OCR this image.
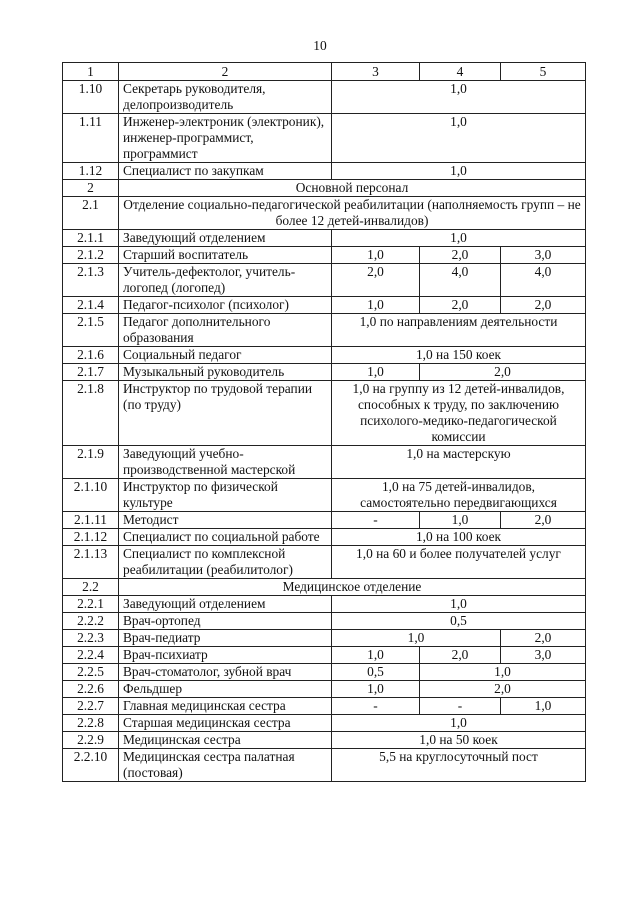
10
1	2	3	4	5
1.10	Секретарь руководителя, делопроизводитель	1,0		
1.11	Инженер-электроник (электроник), инженер-программист, программист	1,0		
1.12	Специалист по закупкам	1,0		
2	Основной персонал			
2.1	Отделение социально-педагогической реабилитации (наполняемость групп – не более 12 детей-инвалидов)			
2.1.1	Заведующий отделением	1,0		
2.1.2	Старший воспитатель	1,0	2,0	3,0
2.1.3	Учитель-дефектолог, учитель-логопед (логопед)	2,0	4,0	4,0
2.1.4	Педагог-психолог (психолог)	1,0	2,0	2,0
2.1.5	Педагог дополнительного образования	1,0 по направлениям деятельности		
2.1.6	Социальный педагог	1,0 на 150 коек		
2.1.7	Музыкальный руководитель	1,0	2,0	
2.1.8	Инструктор по трудовой терапии (по труду)	1,0 на группу из 12 детей-инвалидов, способных к труду, по заключению психолого-медико-педагогической комиссии		
2.1.9	Заведующий учебно-производственной мастерской	1,0 на мастерскую		
2.1.10	Инструктор по физической культуре	1,0 на 75 детей-инвалидов, самостоятельно передвигающихся		
2.1.11	Методист	-	1,0	2,0
2.1.12	Специалист по социальной работе	1,0 на 100 коек		
2.1.13	Специалист по комплексной реабилитации (реабилитолог)	1,0 на 60 и более получателей услуг		
2.2	Медицинское отделение			
2.2.1	Заведующий отделением	1,0		
2.2.2	Врач-ортопед	0,5		
2.2.3	Врач-педиатр	1,0		2,0
2.2.4	Врач-психиатр	1,0	2,0	3,0
2.2.5	Врач-стоматолог, зубной врач	0,5	1,0	
2.2.6	Фельдшер	1,0	2,0	
2.2.7	Главная медицинская сестра	-	-	1,0
2.2.8	Старшая медицинская сестра	1,0		
2.2.9	Медицинская сестра	1,0 на 50 коек		
2.2.10	Медицинская сестра палатная (постовая)	5,5 на круглосуточный пост		
